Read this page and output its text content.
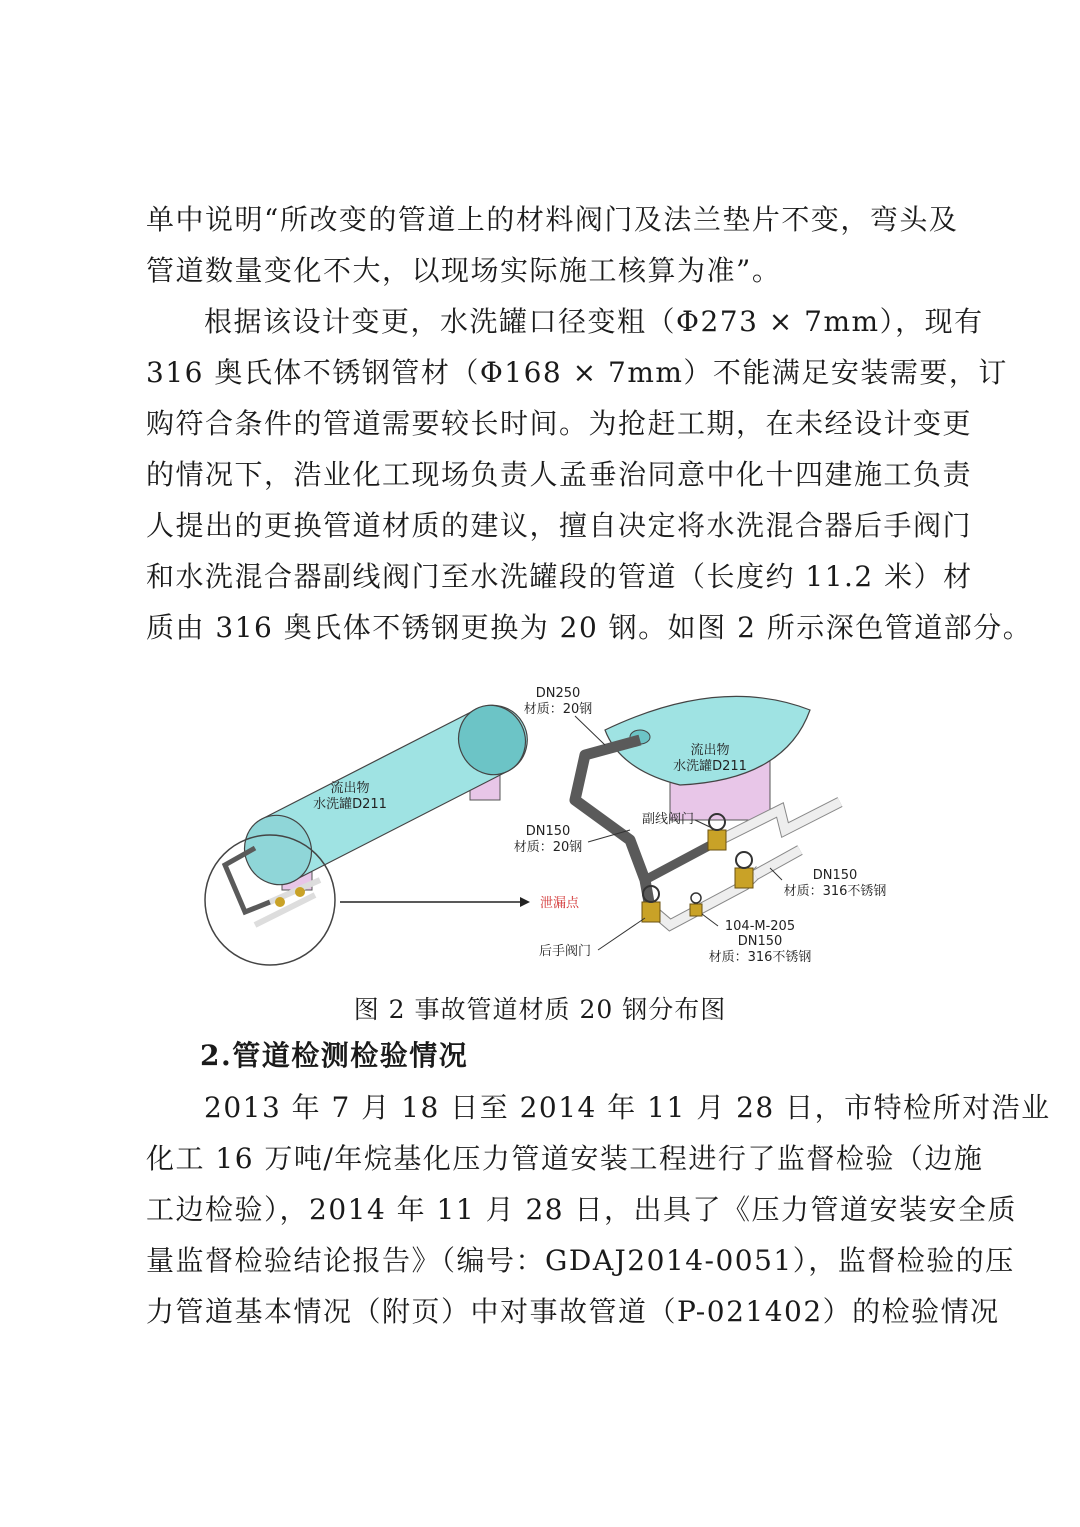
单中说明“所改变的管道上的材料阀门及法兰垫片不变，弯头及
管道数量变化不大，以现场实际施工核算为准”。
根据该设计变更，水洗罐口径变粗（Φ273 × 7mm），现有
316 奥氏体不锈钢管材（Φ168 × 7mm）不能满足安装需要，订
购符合条件的管道需要较长时间。为抢赶工期，在未经设计变更
的情况下，浩业化工现场负责人孟垂治同意中化十四建施工负责
人提出的更换管道材质的建议，擅自决定将水洗混合器后手阀门
和水洗混合器副线阀门至水洗罐段的管道（长度约 11.2 米）材
质由 316 奥氏体不锈钢更换为 20 钢。如图 2 所示深色管道部分。
流出物
水洗罐D211
泄漏点
流出物
水洗罐D211
DN250
材质：20钢
DN150
材质：20钢
副线阀门
后手阀门
DN150
材质：316不锈钢
104-M-205
DN150
材质：316不锈钢
图 2 事故管道材质 20 钢分布图
2.管道检测检验情况
2013 年 7 月 18 日至 2014 年 11 月 28 日，市特检所对浩业
化工 16 万吨/年烷基化压力管道安装工程进行了监督检验（边施
工边检验），2014 年 11 月 28 日，出具了《压力管道安装安全质
量监督检验结论报告》（编号：GDAJ2014-0051），监督检验的压
力管道基本情况（附页）中对事故管道（P-021402）的检验情况
